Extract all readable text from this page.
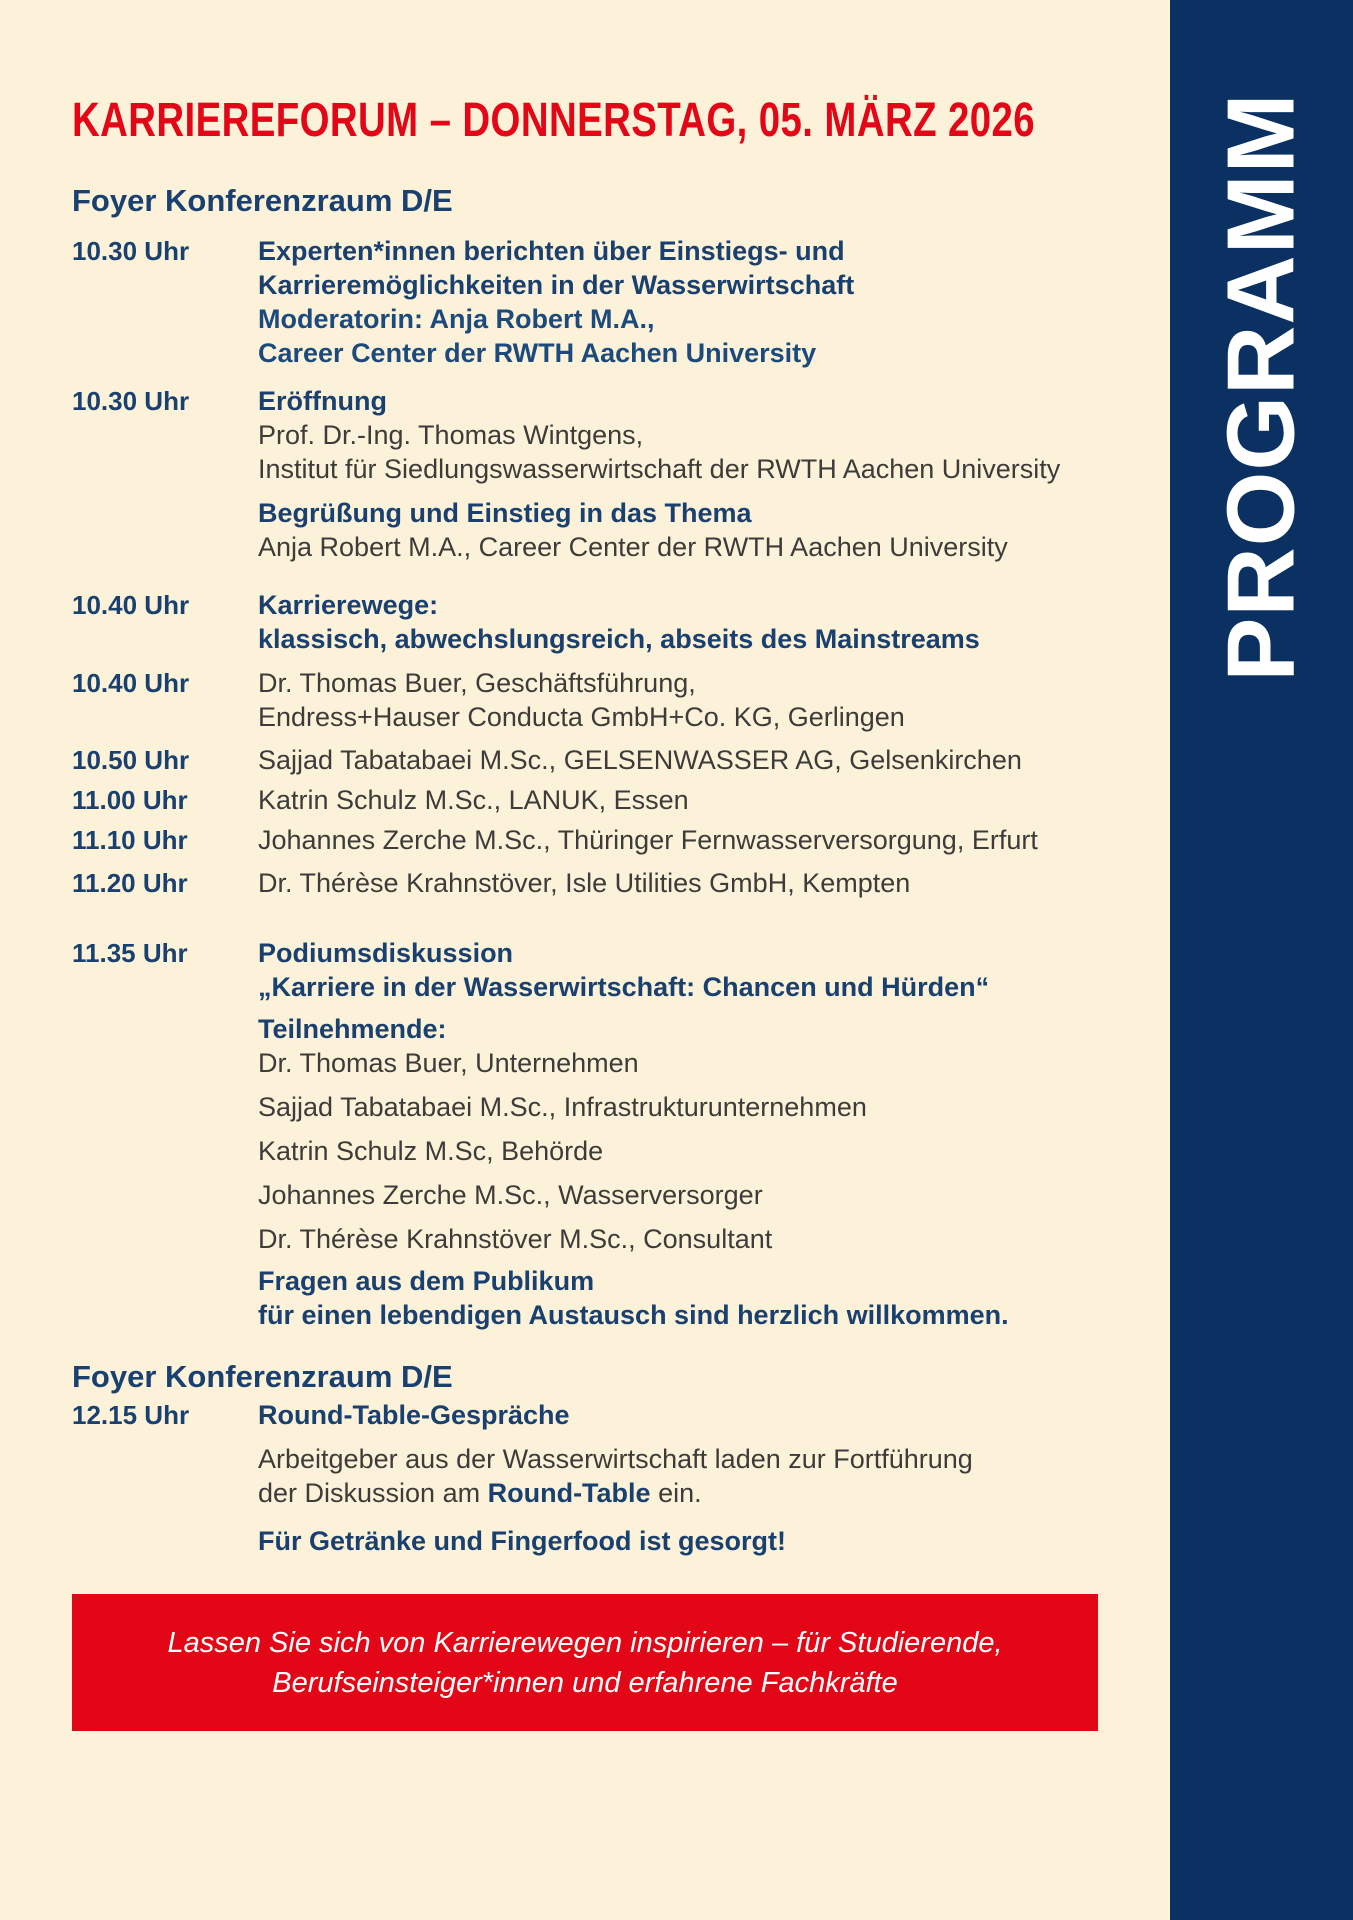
KARRIEREFORUM – DONNERSTAG, 05. MÄRZ 2026
Foyer Konferenzraum D/E
10.30 Uhr	Experten*innen berichten über Einstiegs- und
Karrieremöglichkeiten in der Wasserwirtschaft
Moderatorin: Anja Robert M.A.,
Career Center der RWTH Aachen University
10.30 Uhr	Eröffnung
Prof. Dr.-Ing. Thomas Wintgens,
Institut für Siedlungswasserwirtschaft der RWTH Aachen University
Begrüßung und Einstieg in das Thema
Anja Robert M.A., Career Center der RWTH Aachen University
10.40 Uhr	Karrierewege:
klassisch, abwechslungsreich, abseits des Mainstreams
10.40 Uhr	Dr. Thomas Buer, Geschäftsführung,
Endress+Hauser Conducta GmbH+Co. KG, Gerlingen
10.50 Uhr	Sajjad Tabatabaei M.Sc., GELSENWASSER AG, Gelsenkirchen
11.00 Uhr	Katrin Schulz M.Sc., LANUK, Essen
11.10 Uhr	Johannes Zerche M.Sc., Thüringer Fernwasserversorgung, Erfurt
11.20 Uhr	Dr. Thérèse Krahnstöver, Isle Utilities GmbH, Kempten
11.35 Uhr	Podiumsdiskussion
„Karriere in der Wasserwirtschaft: Chancen und Hürden“
Teilnehmende:
Dr. Thomas Buer, Unternehmen
Sajjad Tabatabaei M.Sc., Infrastrukturunternehmen
Katrin Schulz M.Sc, Behörde
Johannes Zerche M.Sc., Wasserversorger
Dr. Thérèse Krahnstöver M.Sc., Consultant
Fragen aus dem Publikum
für einen lebendigen Austausch sind herzlich willkommen.
Foyer Konferenzraum D/E
12.15 Uhr	Round-Table-Gespräche
Arbeitgeber aus der Wasserwirtschaft laden zur Fortführung
der Diskussion am Round-Table ein.
Für Getränke und Fingerfood ist gesorgt!
Lassen Sie sich von Karrierewegen inspirieren – für Studierende,
Berufseinsteiger*innen und erfahrene Fachkräfte
PROGRAMM
